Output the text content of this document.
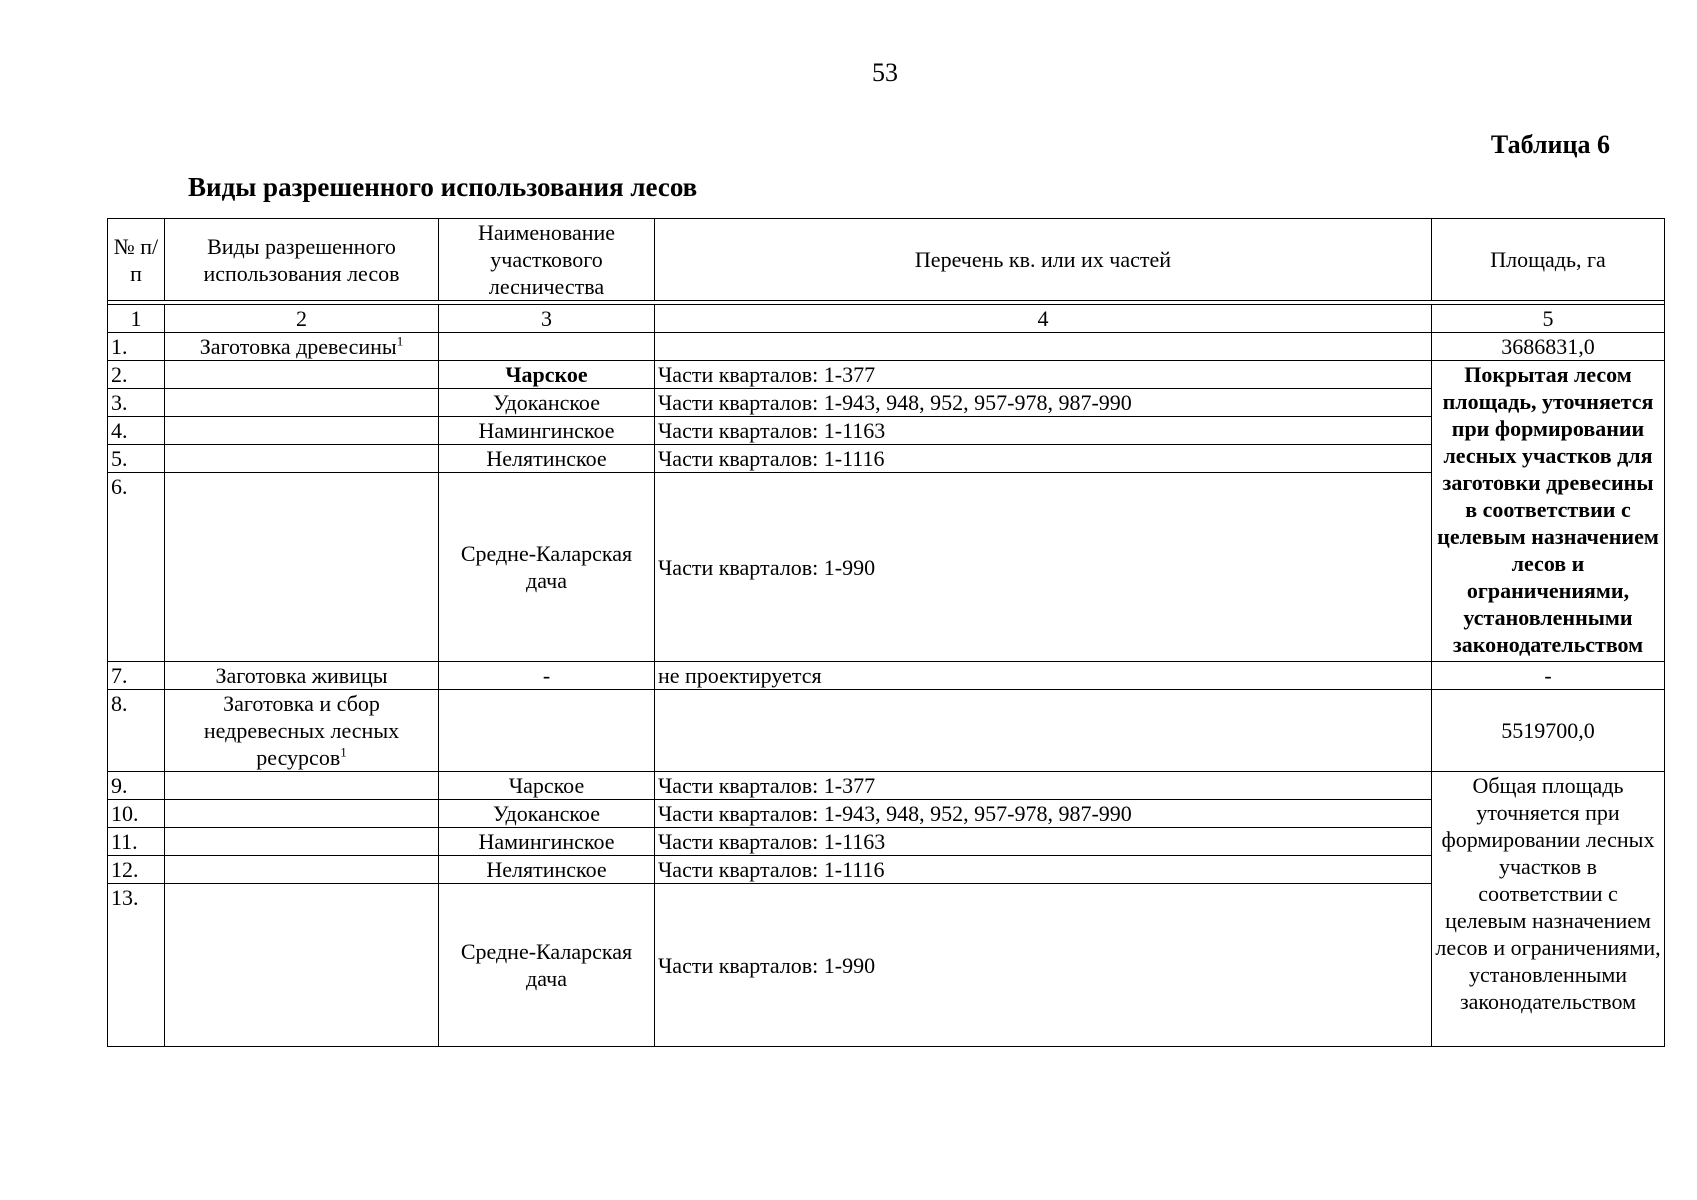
53
Таблица 6
Виды разрешенного использования лесов
№ п/п	Виды разрешенного использования лесов	Наименование участкового лесничества	Перечень кв. или их частей	Площадь, га

1	2	3	4	5
1.	Заготовка древесины$^1$			3686831,0
2.		Чарское	Части кварталов: 1-377	Покрытая лесом площадь, уточняется при формировании лесных участков для заготовки древесины в соответствии с целевым назначением лесов и ограничениями, установленными законодательством
3.		Удоканское	Части кварталов: 1-943, 948, 952, 957-978, 987-990	
4.		Намингинское	Части кварталов: 1-1163	
5.		Нелятинское	Части кварталов: 1-1116	
6.		Средне-Каларская дача	Части кварталов: 1-990	
7.	Заготовка живицы	-	не проектируется	-
8.	Заготовка и сбор недревесных лесных ресурсов$^1$			5519700,0
9.		Чарское	Части кварталов: 1-377	Общая площадь уточняется при формировании лесных участков в соответствии с целевым назначением лесов и ограничениями, установленными законодательством
10.		Удоканское	Части кварталов: 1-943, 948, 952, 957-978, 987-990	
11.		Намингинское	Части кварталов: 1-1163	
12.		Нелятинское	Части кварталов: 1-1116	
13.		Средне-Каларская дача	Части кварталов: 1-990	
